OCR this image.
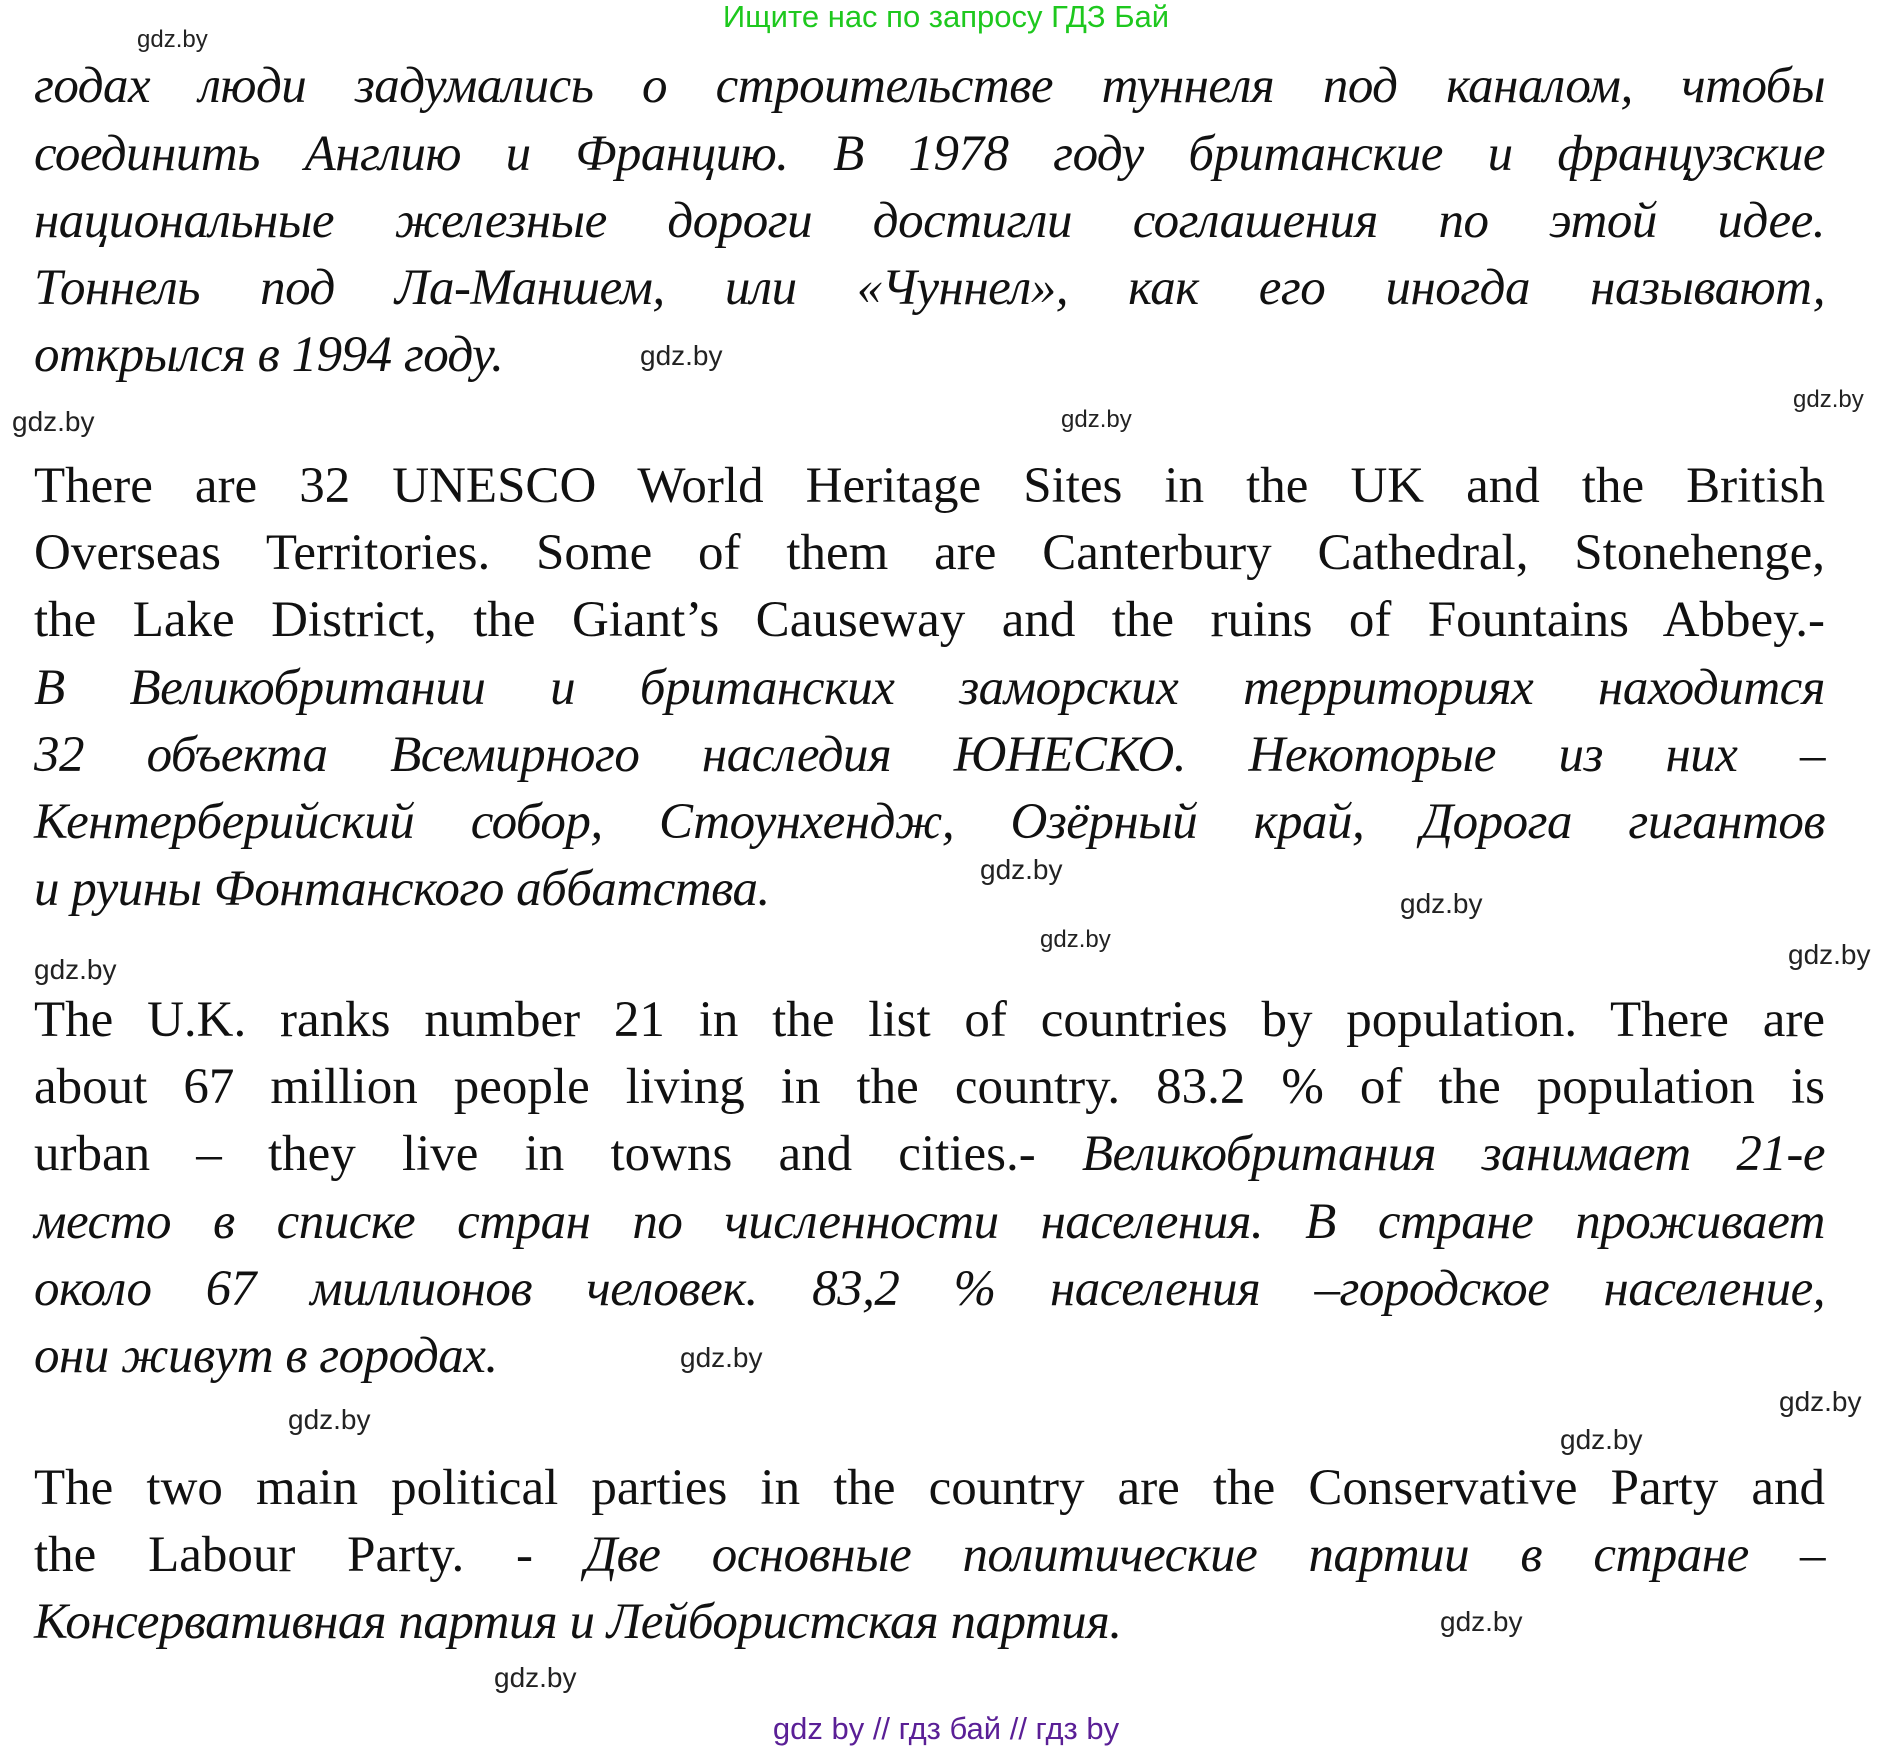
Ищите нас по запросу ГДЗ Бай
годах люди задумались о строительстве туннеля под каналом, чтобы
соединить Англию и Францию. В 1978 году британские и французские
национальные железные дороги достигли соглашения по этой идее.
Тоннель под Ла-Маншем, или «Чуннел», как его иногда называют,
открылся в 1994 году.
There are 32 UNESCO World Heritage Sites in the UK and the British
Overseas Territories. Some of them are Canterbury Cathedral, Stonehenge,
the Lake District, the Giant’s Causeway and the ruins of Fountains Abbey.-
В Великобритании и британских заморских территориях находится
32 объекта Всемирного наследия ЮНЕСКО. Некоторые из них –
Кентерберийский собор, Стоунхендж, Озёрный край, Дорога гигантов
и руины Фонтанского аббатства.
The U.K. ranks number 21 in the list of countries by population. There are
about 67 million people living in the country. 83.2 % of the population is
urban – they live in towns and cities.- Великобритания занимает 21-е
место в списке стран по численности населения. В стране проживает
около 67 миллионов человек. 83,2 % населения –городское население,
они живут в городах.
The two main political parties in the country are the Conservative Party and
the Labour Party. - Две основные политические партии в стране –
Консервативная партия и Лейбористская партия.
gdz.by
gdz.by
gdz.by
gdz.by
gdz.by
gdz.by	gdz.by
gdz.by
gdz.by
gdz.by
gdz.by
gdz.by
gdz.by
gdz.by
gdz.by
gdz.by
gdz by // гдз бай // гдз by
